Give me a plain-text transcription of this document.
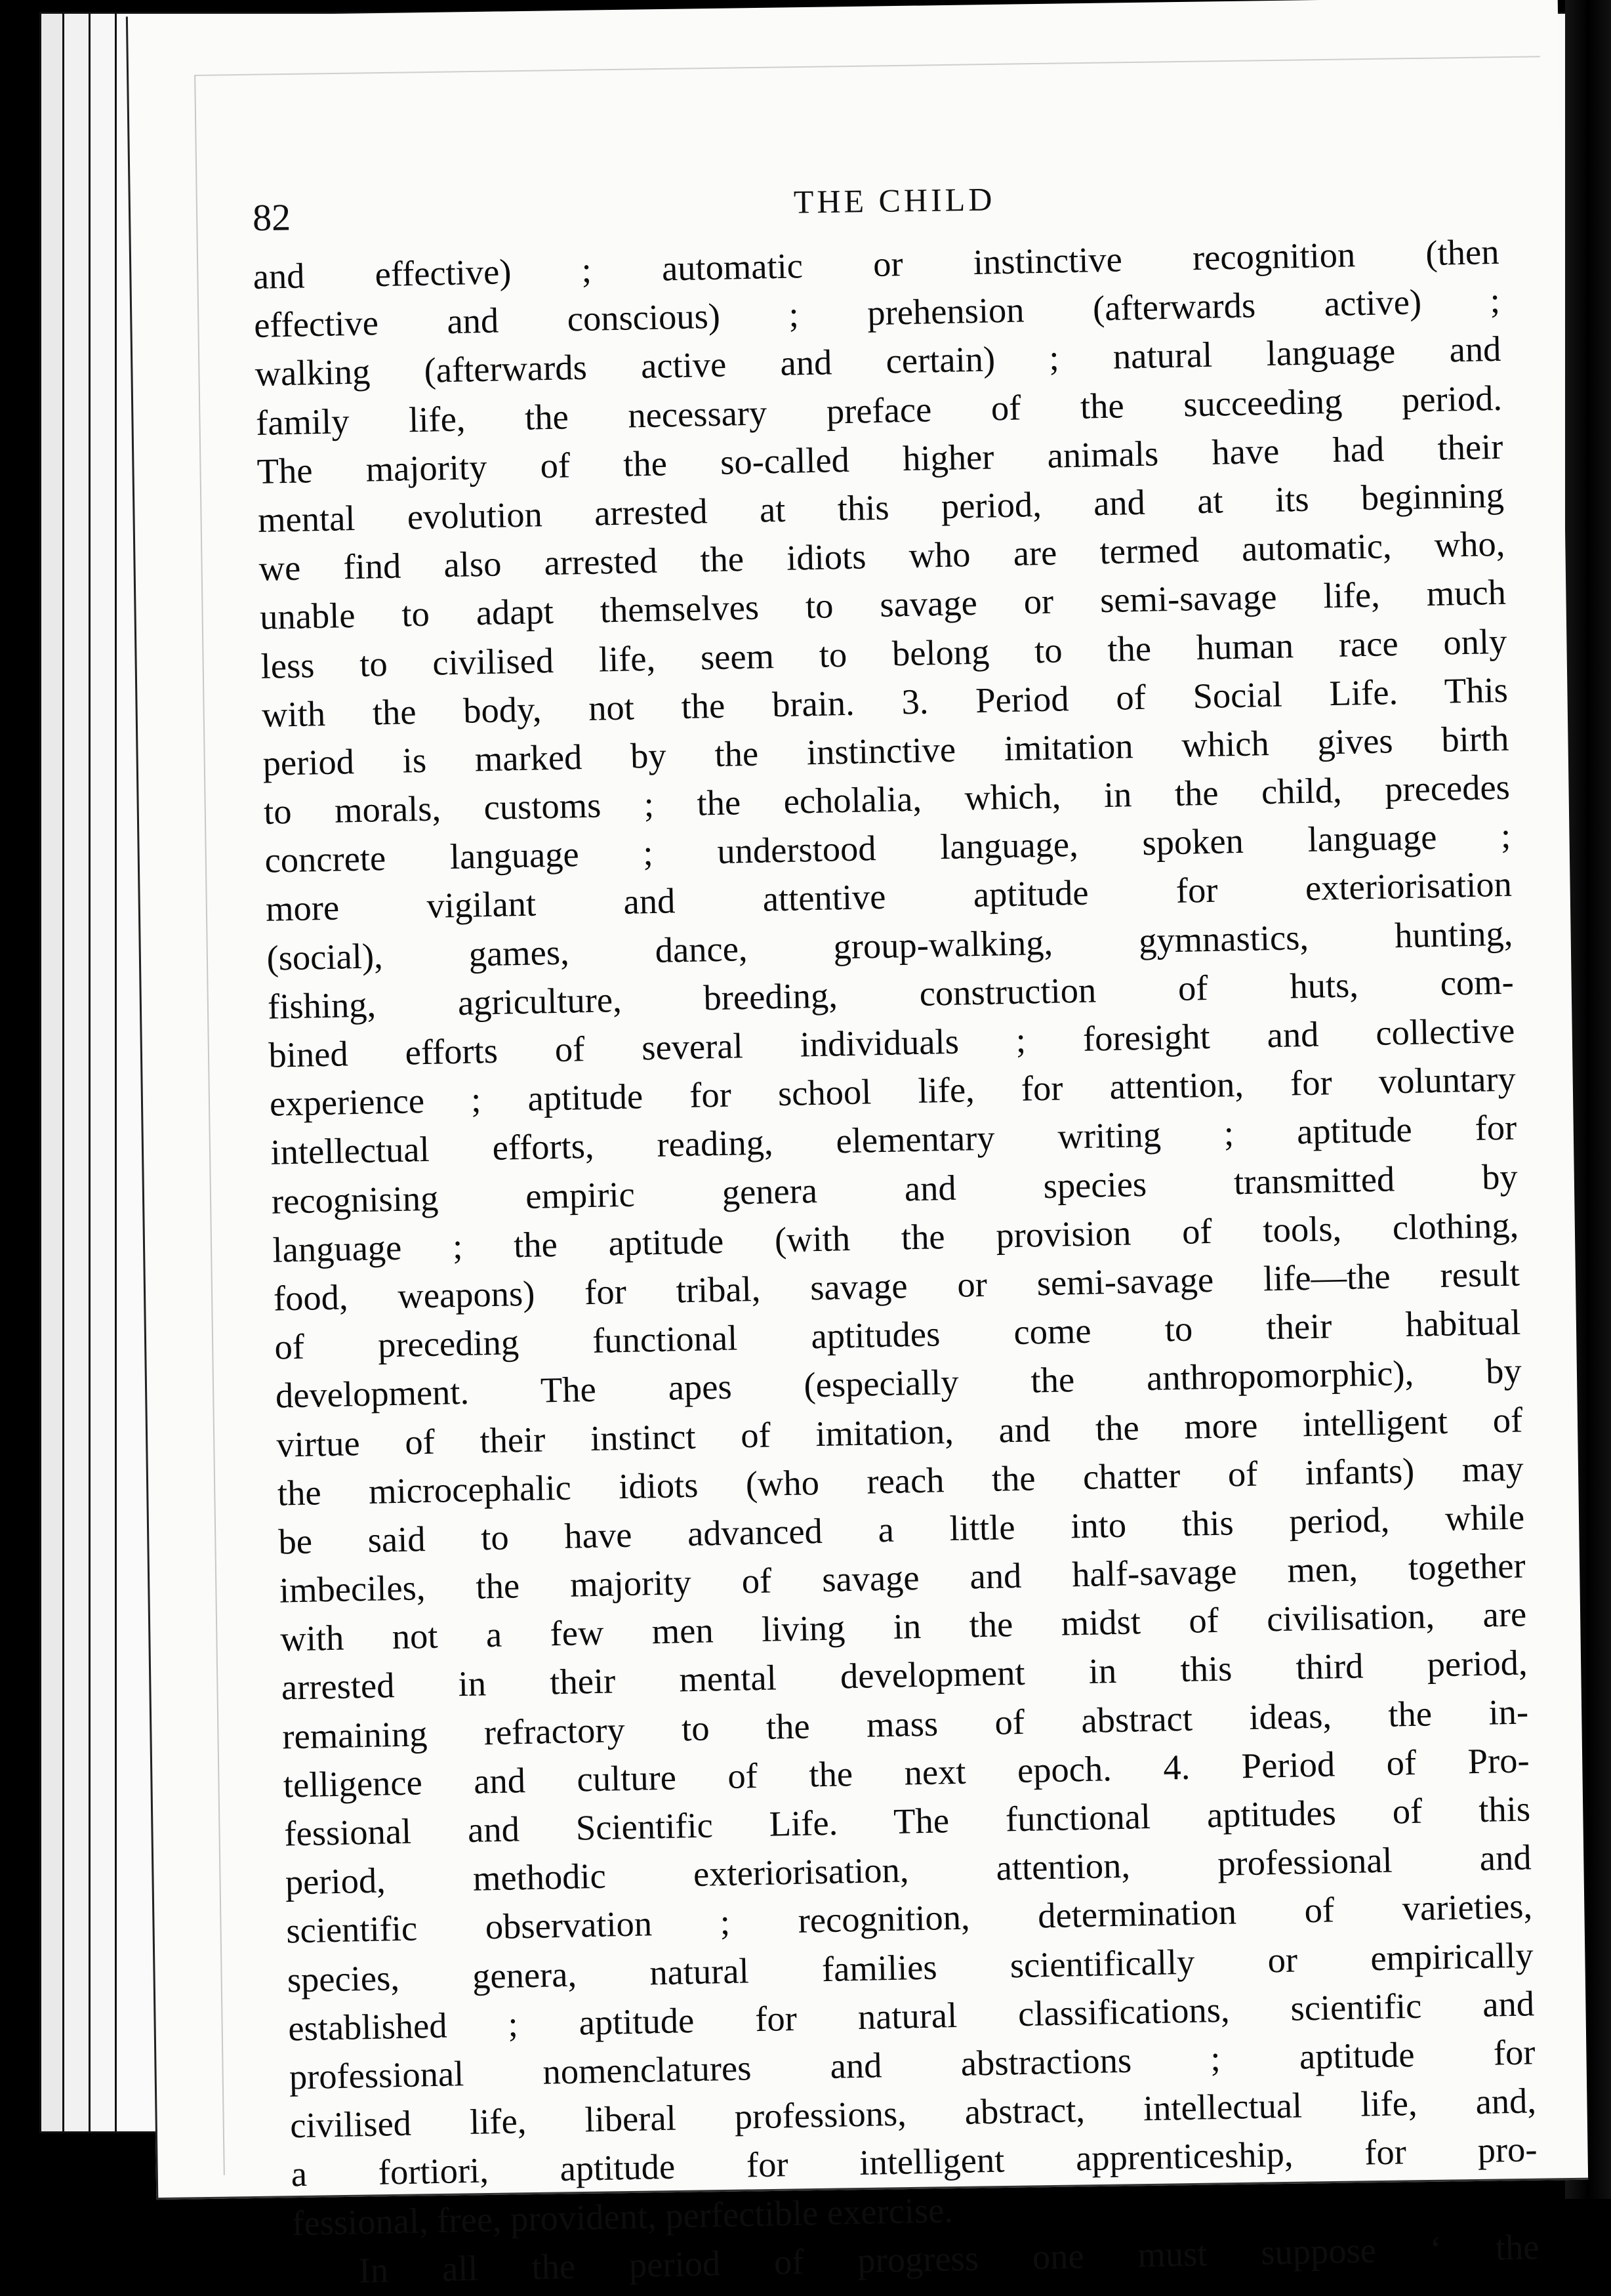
82	THE CHILD
and effective) ; automatic or instinctive recognition (then
effective and conscious) ; prehension (afterwards active) ;
walking (afterwards active and certain) ; natural language and
family life, the necessary preface of the succeeding period.
The majority of the so-called higher animals have had their
mental evolution arrested at this period, and at its beginning
we find also arrested the idiots who are termed automatic, who,
unable to adapt themselves to savage or semi-savage life, much
less to civilised life, seem to belong to the human race only
with the body, not the brain. 3. Period of Social Life. This
period is marked by the instinctive imitation which gives birth
to morals, customs ; the echolalia, which, in the child, precedes
concrete language ; understood language, spoken language ;
more vigilant and attentive aptitude for exteriorisation
(social), games, dance, group-walking, gymnastics, hunting,
fishing, agriculture, breeding, construction of huts, com-
bined efforts of several individuals ; foresight and collective
experience ; aptitude for school life, for attention, for voluntary
intellectual efforts, reading, elementary writing ; aptitude for
recognising empiric genera and species transmitted by
language ; the aptitude (with the provision of tools, clothing,
food, weapons) for tribal, savage or semi-savage life—the result
of preceding functional aptitudes come to their habitual
development. The apes (especially the anthropomorphic), by
virtue of their instinct of imitation, and the more intelligent of
the microcephalic idiots (who reach the chatter of infants) may
be said to have advanced a little into this period, while
imbeciles, the majority of savage and half-savage men, together
with not a few men living in the midst of civilisation, are
arrested in their mental development in this third period,
remaining refractory to the mass of abstract ideas, the in-
telligence and culture of the next epoch. 4. Period of Pro-
fessional and Scientific Life. The functional aptitudes of this
period, methodic exteriorisation, attention, professional and
scientific observation ; recognition, determination of varieties,
species, genera, natural families scientifically or empirically
established ; aptitude for natural classifications, scientific and
professional nomenclatures and abstractions ; aptitude for
civilised life, liberal professions, abstract, intellectual life, and,
a fortiori, aptitude for intelligent apprenticeship, for pro-
fessional, free, provident, perfectible exercise.
In all the period of progress one must suppose ‘ the
